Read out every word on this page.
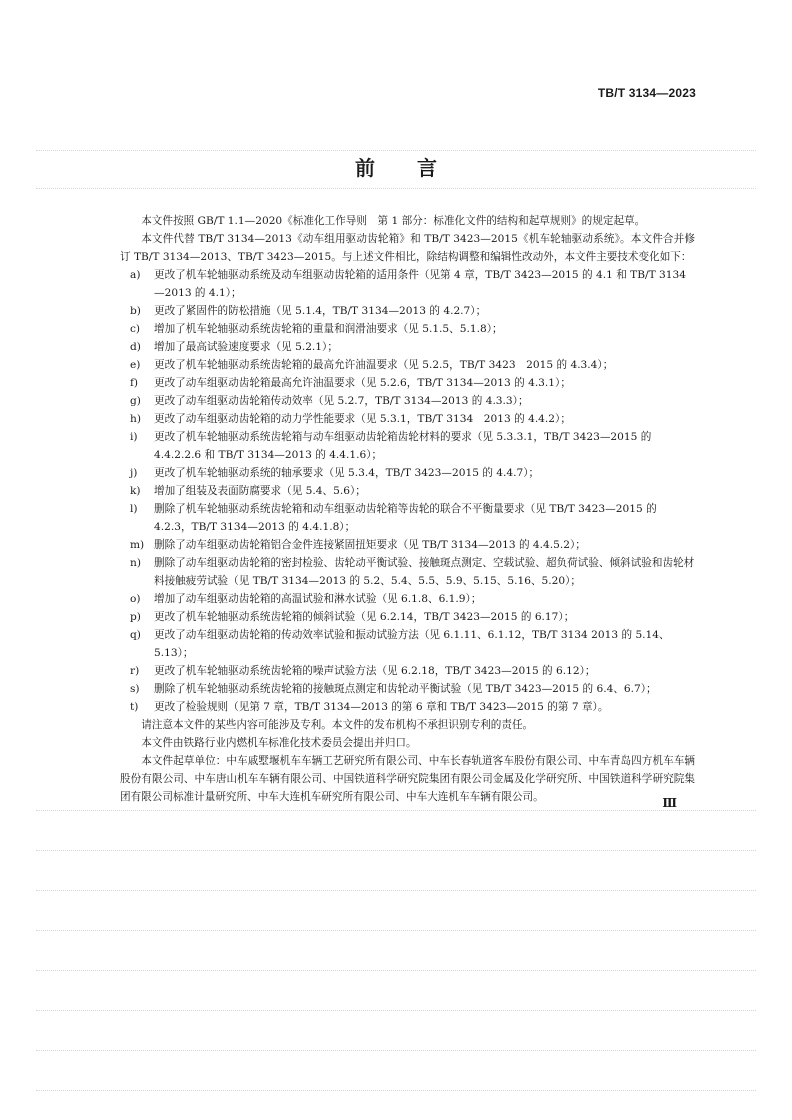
TB/T 3134—2023
前言

本文件按照 GB/T 1.1—2020《标准化工作导则　第 1 部分：标准化文件的结构和起草规则》的规定起草。

本文件代替 TB/T 3134—2013《动车组用驱动齿轮箱》和 TB/T 3423—2015《机车轮轴驱动系统》。本文件合并修订 TB/T 3134—2013、TB/T 3423—2015。与上述文件相比，除结构调整和编辑性改动外，本文件主要技术变化如下：

a)	更改了机车轮轴驱动系统及动车组驱动齿轮箱的适用条件（见第 4 章，TB/T 3423—2015 的 4.1 和 TB/T 3134—2013 的 4.1）；
b)	更改了紧固件的防松措施（见 5.1.4，TB/T 3134—2013 的 4.2.7）；
c)	增加了机车轮轴驱动系统齿轮箱的重量和润滑油要求（见 5.1.5、5.1.8）；
d)	增加了最高试验速度要求（见 5.2.1）；
e)	更改了机车轮轴驱动系统齿轮箱的最高允许油温要求（见 5.2.5，TB/T 3423　2015 的 4.3.4）；
f)	更改了动车组驱动齿轮箱最高允许油温要求（见 5.2.6，TB/T 3134—2013 的 4.3.1）；
g)	更改了动车组驱动齿轮箱传动效率（见 5.2.7，TB/T 3134—2013 的 4.3.3）；
h)	更改了动车组驱动齿轮箱的动力学性能要求（见 5.3.1，TB/T 3134　2013 的 4.4.2）；
i)	更改了机车轮轴驱动系统齿轮箱与动车组驱动齿轮箱齿轮材料的要求（见 5.3.3.1，TB/T 3423—2015 的 4.4.2.2.6 和 TB/T 3134—2013 的 4.4.1.6）；
j)	更改了机车轮轴驱动系统的轴承要求（见 5.3.4，TB/T 3423—2015 的 4.4.7）；
k)	增加了组装及表面防腐要求（见 5.4、5.6）；
l)	删除了机车轮轴驱动系统齿轮箱和动车组驱动齿轮箱等齿轮的联合不平衡量要求（见 TB/T 3423—2015 的 4.2.3，TB/T 3134—2013 的 4.4.1.8）；
m) 删除了动车组驱动齿轮箱铝合金件连接紧固扭矩要求（见 TB/T 3134—2013 的 4.4.5.2）；
n)	删除了动车组驱动齿轮箱的密封检验、齿轮动平衡试验、接触斑点测定、空载试验、超负荷试验、倾斜试验和齿轮材料接触疲劳试验（见 TB/T 3134—2013 的 5.2、5.4、5.5、5.9、5.15、5.16、5.20）；
o)	增加了动车组驱动齿轮箱的高温试验和淋水试验（见 6.1.8、6.1.9）；
p)	更改了机车轮轴驱动系统齿轮箱的倾斜试验（见 6.2.14，TB/T 3423—2015 的 6.17）；
q)	更改了动车组驱动齿轮箱的传动效率试验和振动试验方法（见 6.1.11、6.1.12，TB/T 3134 2013 的 5.14、5.13）；
r)	更改了机车轮轴驱动系统齿轮箱的噪声试验方法（见 6.2.18，TB/T 3423—2015 的 6.12）；
s)	删除了机车轮轴驱动系统齿轮箱的接触斑点测定和齿轮动平衡试验（见 TB/T 3423—2015 的 6.4、6.7）；
t)	更改了检验规则（见第 7 章，TB/T 3134—2013 的第 6 章和 TB/T 3423—2015 的第 7 章）。

请注意本文件的某些内容可能涉及专利。本文件的发布机构不承担识别专利的责任。

本文件由铁路行业内燃机车标准化技术委员会提出并归口。

本文件起草单位：中车戚墅堰机车车辆工艺研究所有限公司、中车长春轨道客车股份有限公司、中车青岛四方机车车辆股份有限公司、中车唐山机车车辆有限公司、中国铁道科学研究院集团有限公司金属及化学研究所、中国铁道科学研究院集团有限公司标准计量研究所、中车大连机车研究所有限公司、中车大连机车车辆有限公司。	Ⅲ
